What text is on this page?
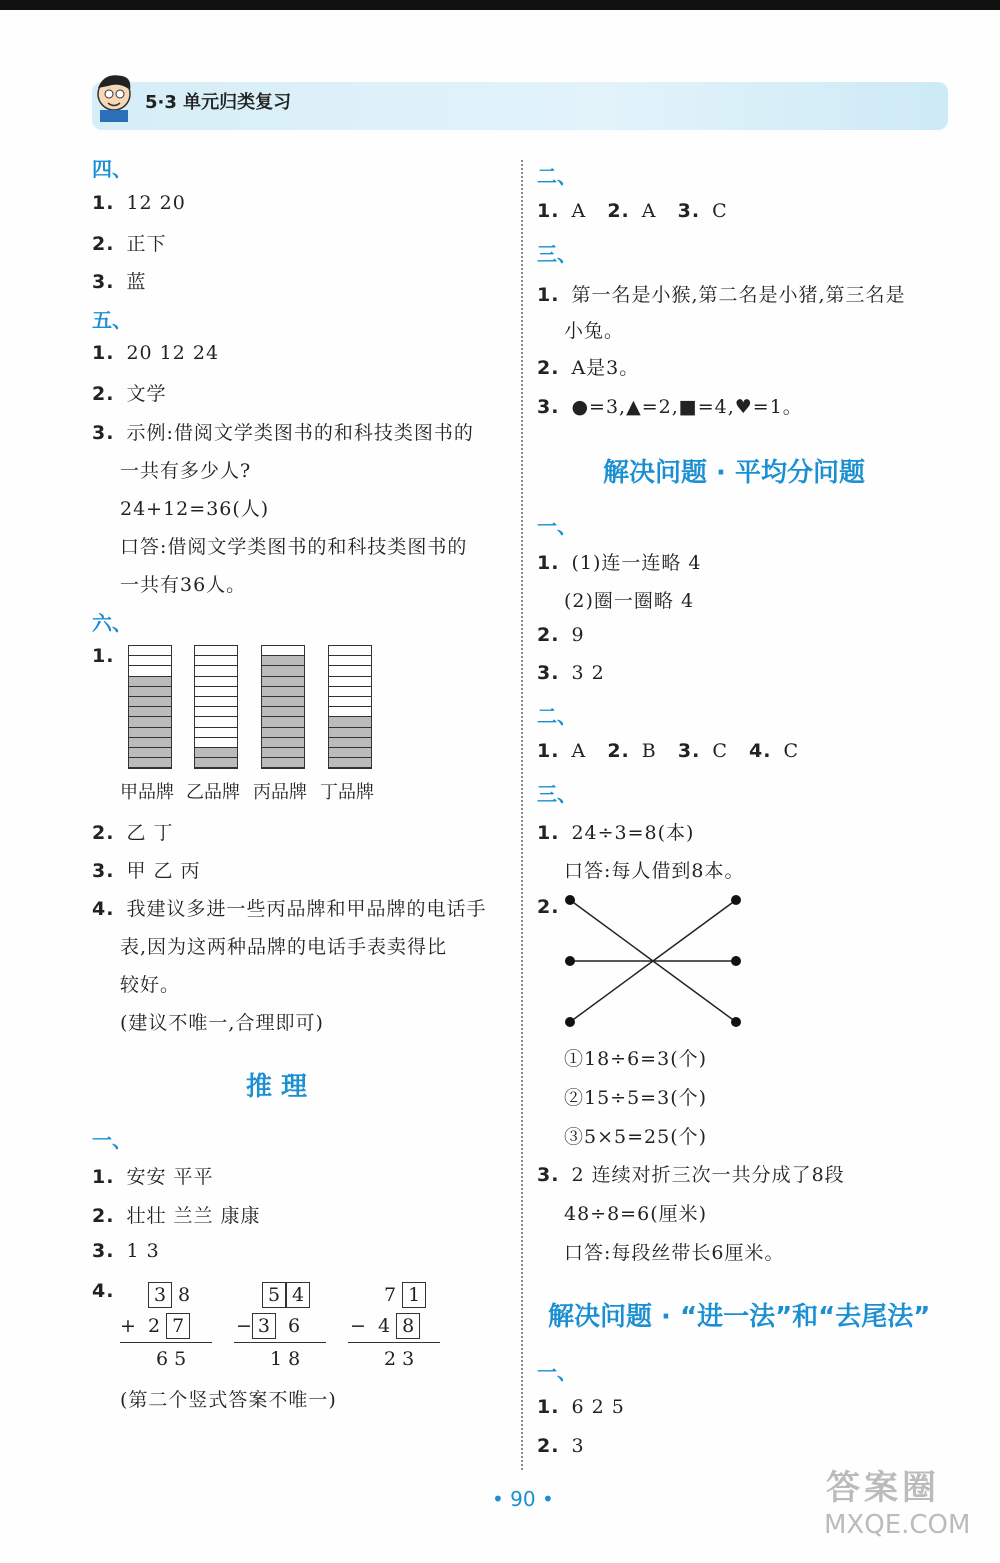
5·3 单元归类复习
四、
1. 12 20
2. 正下
3. 蓝
五、
1. 20 12 24
2. 文学
3. 示例:借阅文学类图书的和科技类图书的
一共有多少人?
24+12=36(人)
口答:借阅文学类图书的和科技类图书的
一共有36人。
六、
1.
甲品牌 乙品牌 丙品牌 丁品牌
2. 乙 丁
3. 甲 乙 丙
4. 我建议多进一些丙品牌和甲品牌的电话手
表,因为这两种品牌的电话手表卖得比
较好。
(建议不唯一,合理即可)
推 理
一、
1. 安安 平平
2. 壮壮 兰兰 康康
3. 1 3
4.	3 8
+ 2 7
6 5
5 4
− 3 6
1 8
7 1
− 4 8
2 3
(第二个竖式答案不唯一)
二、
1. A 2. A 3. C
三、
1. 第一名是小猴,第二名是小猪,第三名是
小兔。
2. A是3。
3. ●=3,▲=2,■=4,♥=1。
解决问题 · 平均分问题
一、
1. (1)连一连略 4
(2)圈一圈略 4
2. 9
3. 3 2
二、
1. A 2. B 3. C 4. C
三、
1. 24÷3=8(本)
口答:每人借到8本。
2.
①18÷6=3(个)
②15÷5=3(个)
③5×5=25(个)
3. 2 连续对折三次一共分成了8段
48÷8=6(厘米)
口答:每段丝带长6厘米。
解决问题 · “进一法”和“去尾法”
一、
1. 6 2 5
2. 3
• 90 •	答案圈
MXQE.COM
